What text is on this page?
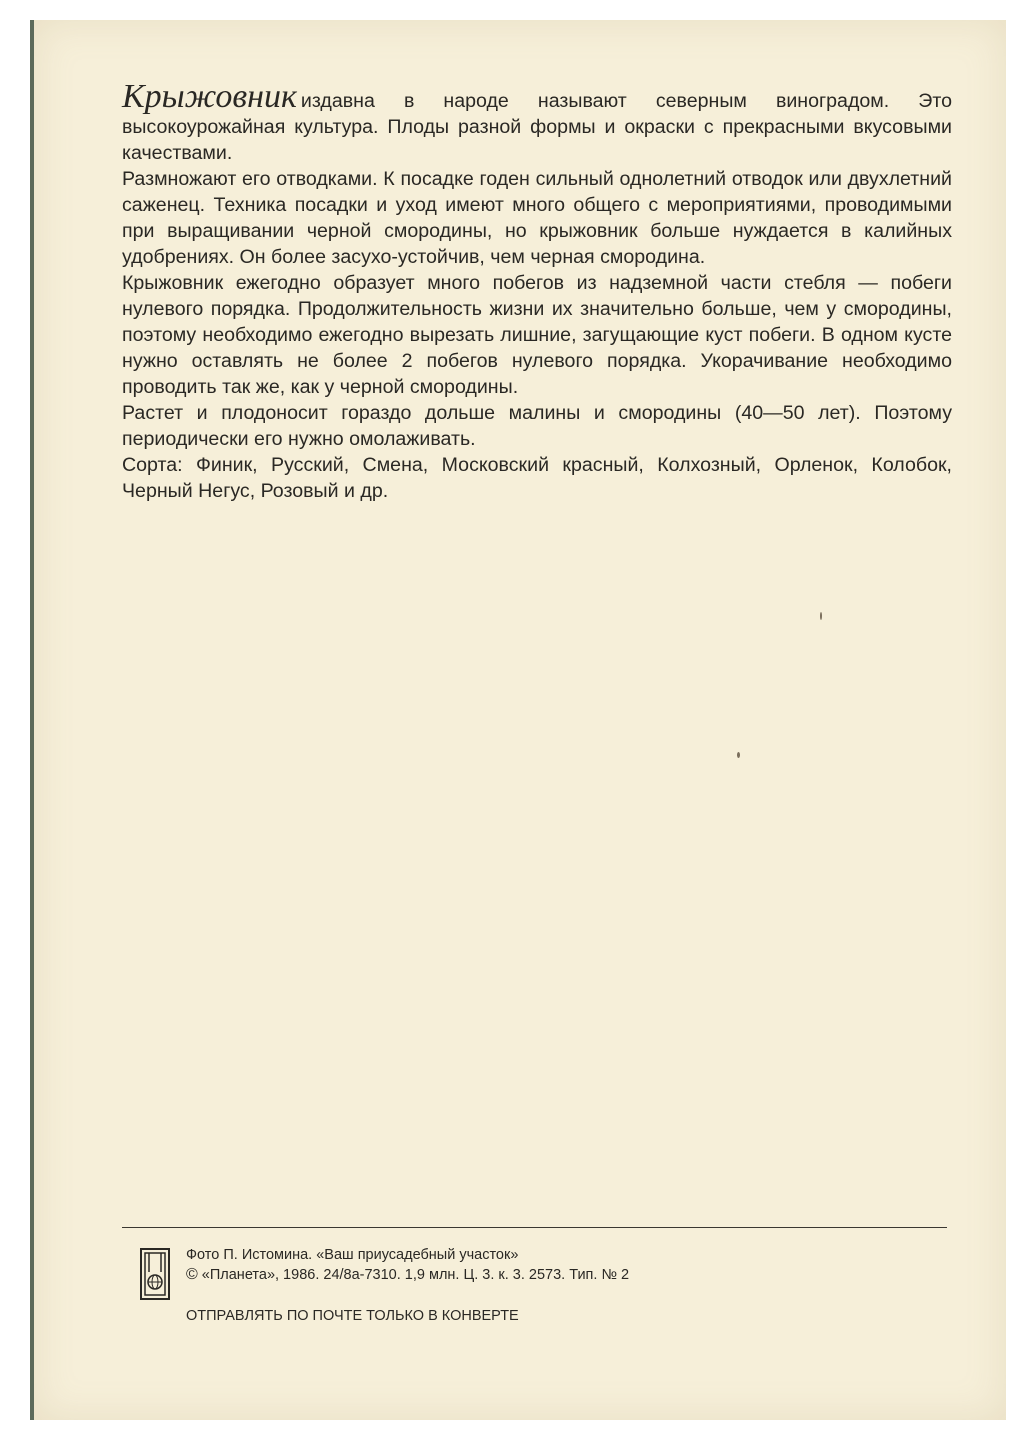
Крыжовник издавна в народе называют северным виноградом. Это высокоурожайная культура. Плоды разной формы и окраски с прекрасными вкусовыми качествами.

Размножают его отводками. К посадке годен сильный однолетний отводок или двухлетний саженец. Техника посадки и уход имеют много общего с мероприятиями, проводимыми при выращивании черной смородины, но крыжовник больше нуждается в калийных удобрениях. Он более засухо-устойчив, чем черная смородина.

Крыжовник ежегодно образует много побегов из надземной части стебля — побеги нулевого порядка. Продолжительность жизни их значительно больше, чем у смородины, поэтому необходимо ежегодно вырезать лишние, загущающие куст побеги. В одном кусте нужно оставлять не более 2 побегов нулевого порядка. Укорачивание необходимо проводить так же, как у черной смородины.

Растет и плодоносит гораздо дольше малины и смородины (40—50 лет). Поэтому периодически его нужно омолаживать.

Сорта: Финик, Русский, Смена, Московский красный, Колхозный, Орленок, Колобок, Черный Негус, Розовый и др.

Фото П. Истомина. «Ваш приусадебный участок»
© «Планета», 1986. 24/8а-7310. 1,9 млн. Ц. 3. к. 3. 2573. Тип. № 2
ОТПРАВЛЯТЬ ПО ПОЧТЕ ТОЛЬКО В КОНВЕРТЕ
